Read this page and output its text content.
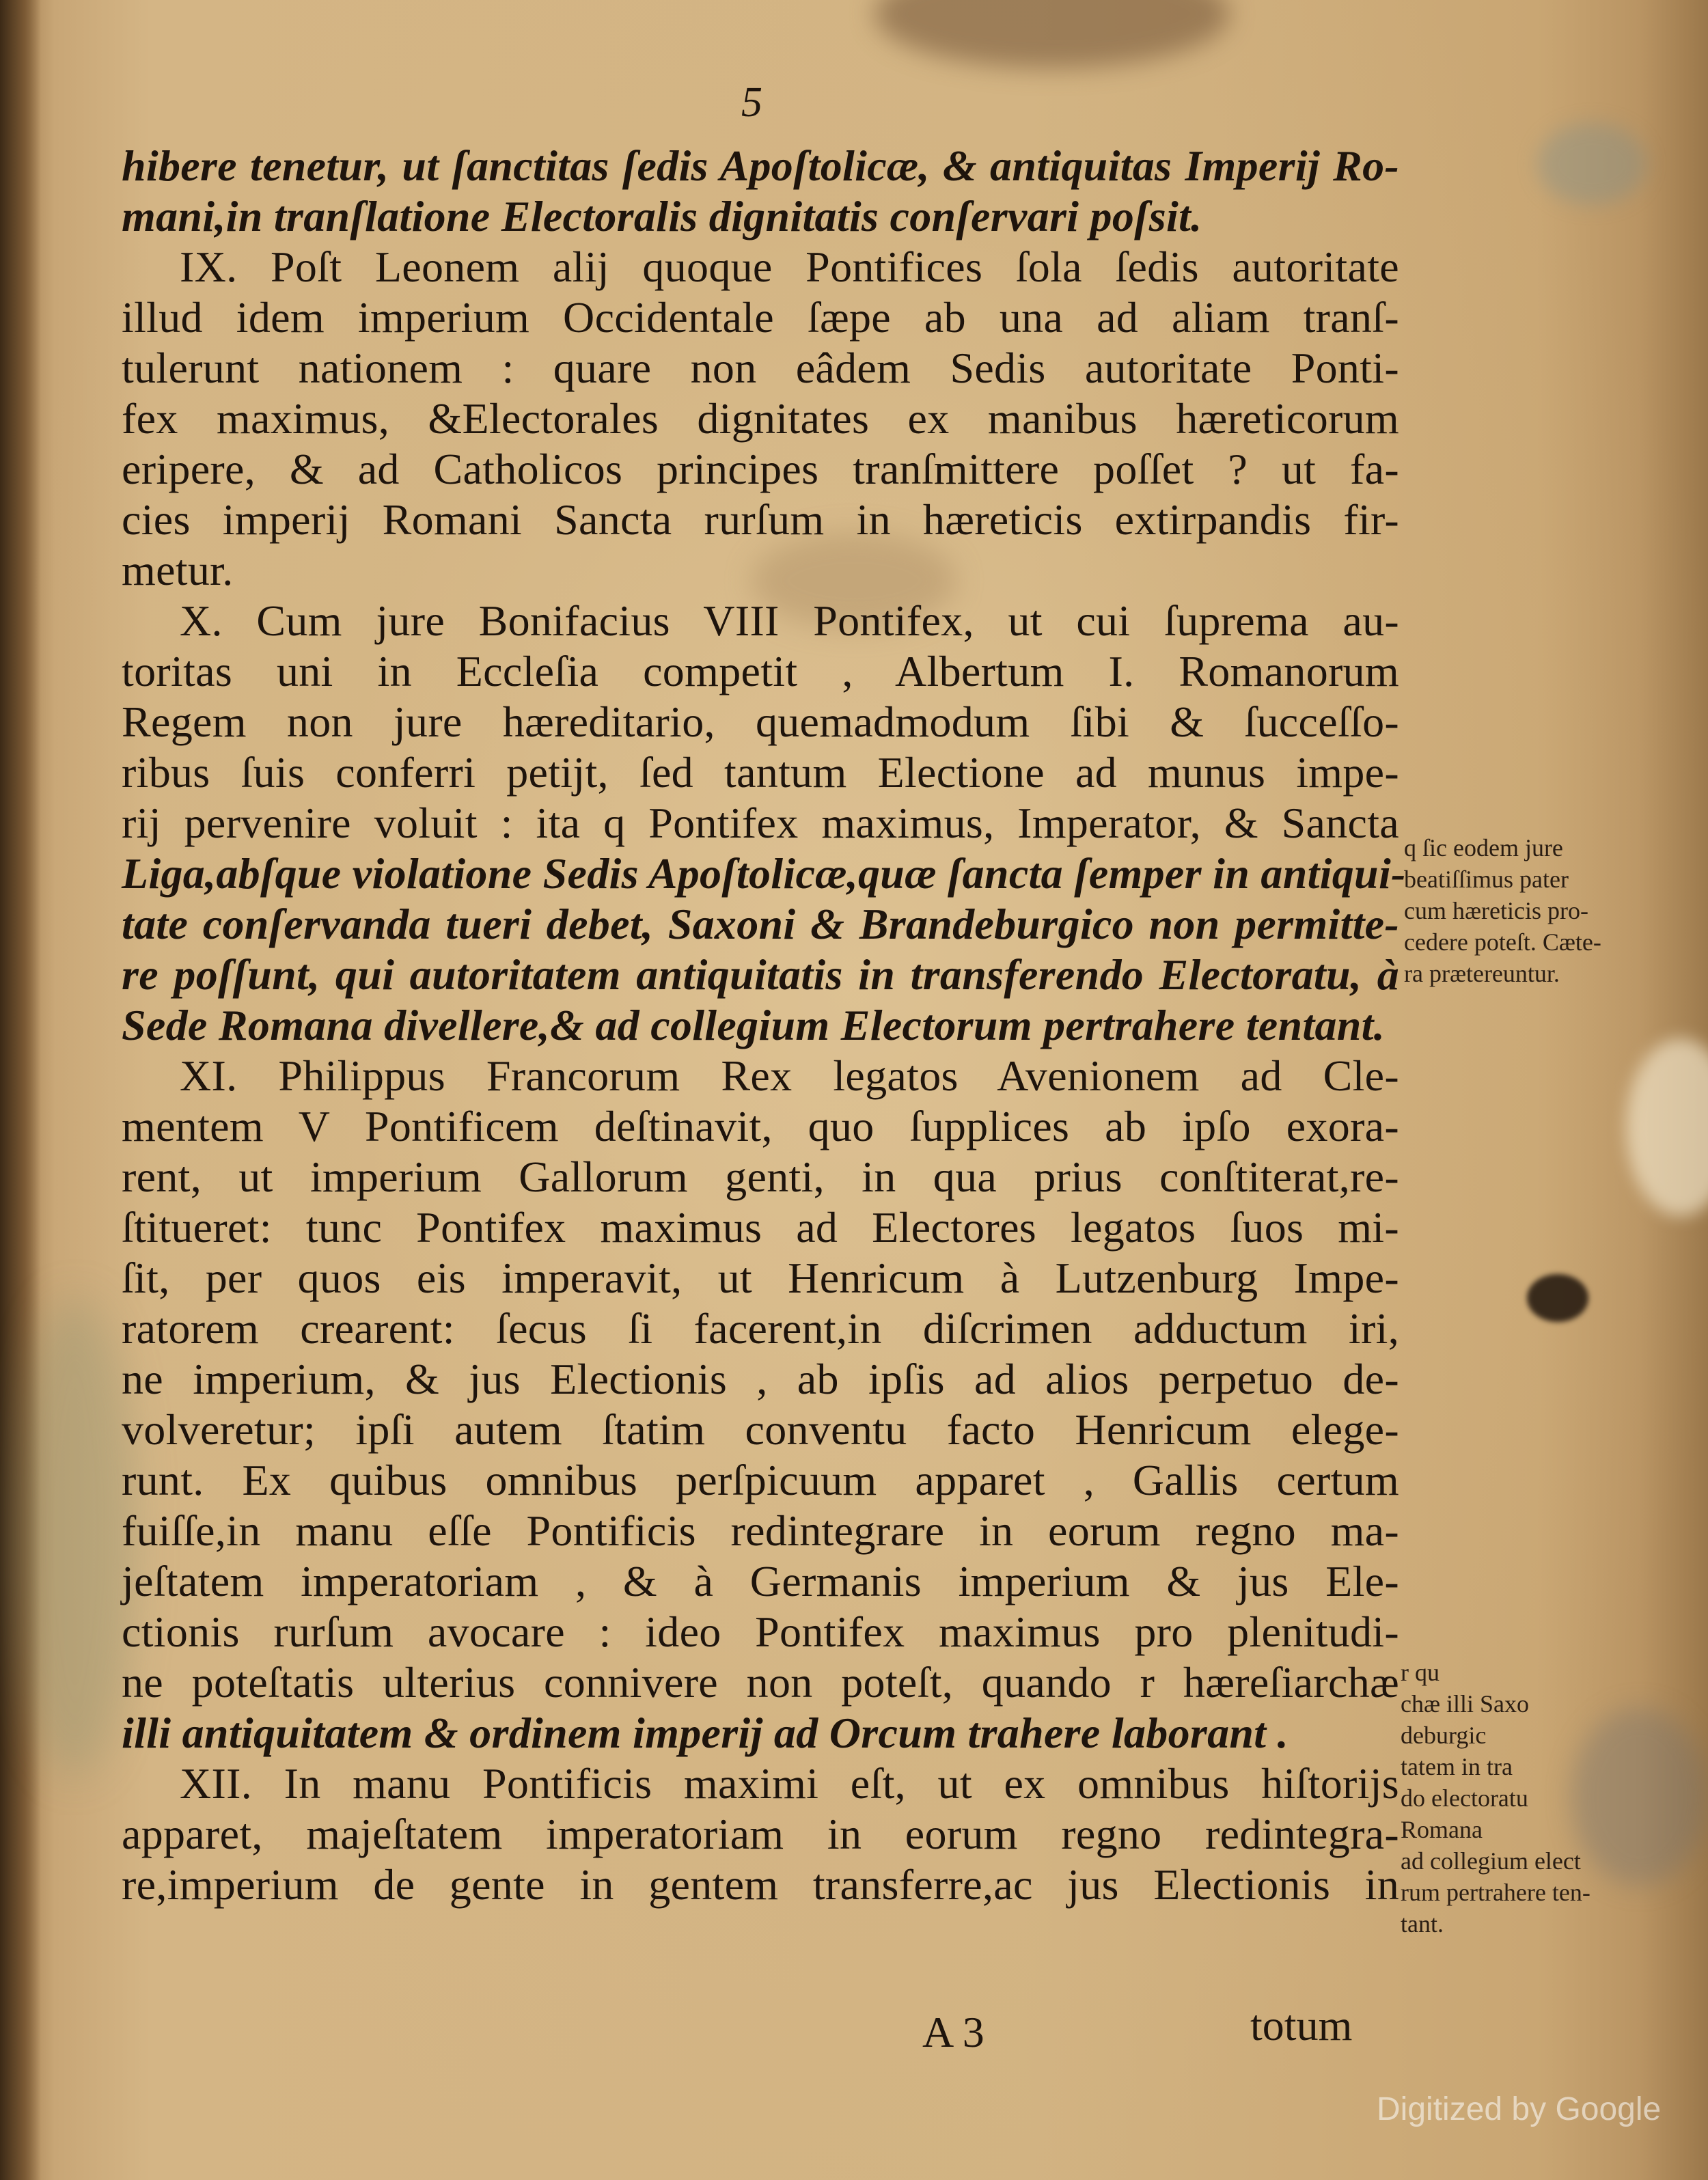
5
hibere tenetur, ut ſanctitas ſedis Apoſtolicæ, & antiquitas Imperij Ro-
mani,in tranſlatione Electoralis dignitatis conſervari poſsit.
IX. Poſt Leonem alij quoque Pontifices ſola ſedis autoritate
illud idem imperium Occidentale ſæpe ab una ad aliam tranſ-
tulerunt nationem : quare non eâdem Sedis autoritate Ponti-
fex maximus, &Electorales dignitates ex manibus hæreticorum
eripere, & ad Catholicos principes tranſmittere poſſet ? ut fa-
cies imperij Romani Sancta rurſum in hæreticis extirpandis fir-
metur.
X. Cum jure Bonifacius VIII Pontifex, ut cui ſuprema au-
toritas uni in Eccleſia competit , Albertum I. Romanorum
Regem non jure hæreditario, quemadmodum ſibi & ſucceſſo-
ribus ſuis conferri petijt, ſed tantum Electione ad munus impe-
rij pervenire voluit : ita q Pontifex maximus, Imperator, & Sancta
Liga,abſque violatione Sedis Apoſtolicæ,quæ ſancta ſemper in antiqui-
tate conſervanda tueri debet, Saxoni & Brandeburgico non permitte-
re poſſunt, qui autoritatem antiquitatis in transferendo Electoratu, à
Sede Romana divellere,& ad collegium Electorum pertrahere tentant.
XI. Philippus Francorum Rex legatos Avenionem ad Cle-
mentem V Pontificem deſtinavit, quo ſupplices ab ipſo exora-
rent, ut imperium Gallorum genti, in qua prius conſtiterat,re-
ſtitueret: tunc Pontifex maximus ad Electores legatos ſuos mi-
ſit, per quos eis imperavit, ut Henricum à Lutzenburg Impe-
ratorem crearent: ſecus ſi facerent,in diſcrimen adductum iri,
ne imperium, & jus Electionis , ab ipſis ad alios perpetuo de-
volveretur; ipſi autem ſtatim conventu facto Henricum elege-
runt. Ex quibus omnibus perſpicuum apparet , Gallis certum
fuiſſe,in manu eſſe Pontificis redintegrare in eorum regno ma-
jeſtatem imperatoriam , & à Germanis imperium & jus Ele-
ctionis rurſum avocare : ideo Pontifex maximus pro plenitudi-
ne poteſtatis ulterius connivere non poteſt, quando r hæreſiarchæ
illi antiquitatem & ordinem imperij ad Orcum trahere laborant .
XII. In manu Pontificis maximi eſt, ut ex omnibus hiſtorijs
apparet, majeſtatem imperatoriam in eorum regno redintegra-
re,imperium de gente in gentem transferre,ac jus Electionis in
q ſic eodem jure
beatiſſimus pater
cum hæreticis pro-
cedere poteſt. Cæte-
ra prætereuntur.
r qu
chæ illi Saxo
deburgic
tatem in tra
do electoratu
Romana
ad collegium elect
rum pertrahere ten-
tant.
A 3	totum
Digitized by Google
